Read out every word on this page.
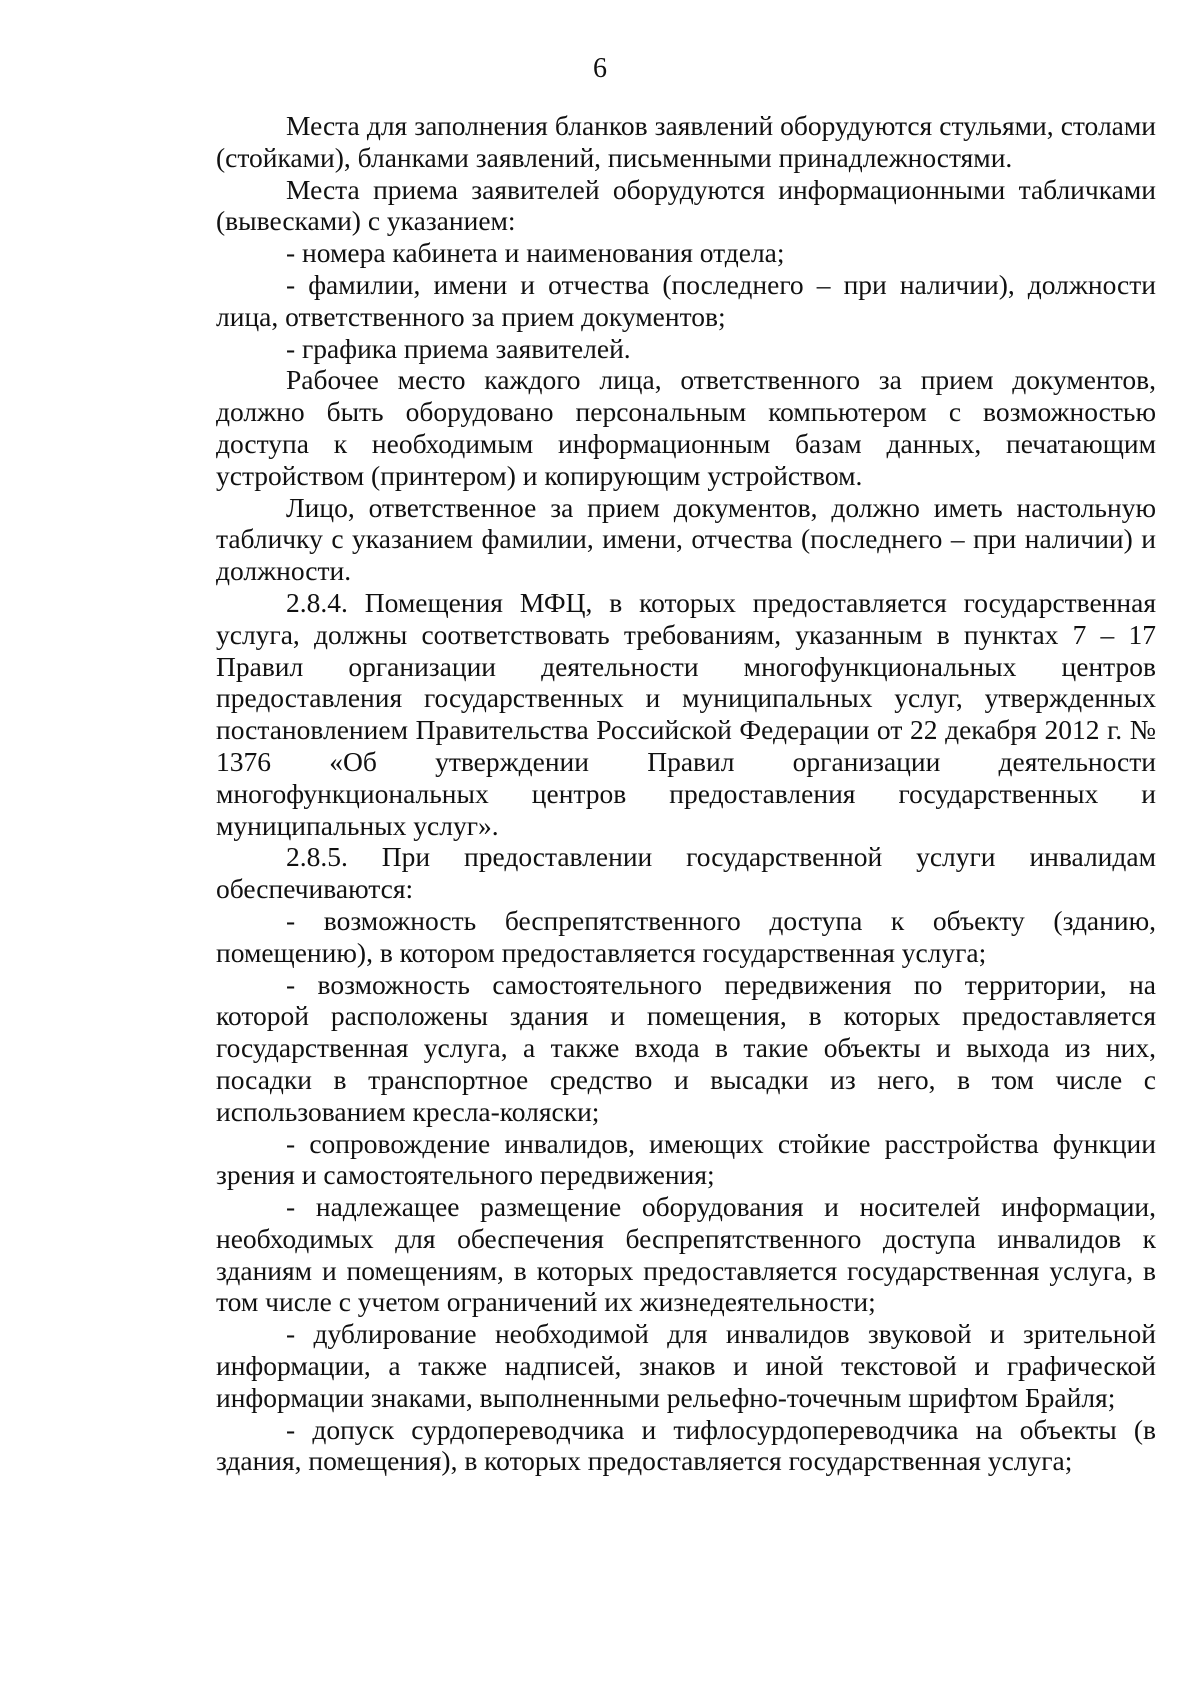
6

Места для заполнения бланков заявлений оборудуются стульями, столами (стойками), бланками заявлений, письменными принадлежностями.

Места приема заявителей оборудуются информационными табличками (вывесками) с указанием:

- номера кабинета и наименования отдела;

- фамилии, имени и отчества (последнего – при наличии), должности лица, ответственного за прием документов;

- графика приема заявителей.

Рабочее место каждого лица, ответственного за прием документов, должно быть оборудовано персональным компьютером с возможностью доступа к необходимым информационным базам данных, печатающим устройством (принтером) и копирующим устройством.

Лицо, ответственное за прием документов, должно иметь настольную табличку с указанием фамилии, имени, отчества (последнего – при наличии) и должности.

2.8.4. Помещения МФЦ, в которых предоставляется государственная услуга, должны соответствовать требованиям, указанным в пунктах 7 – 17 Правил организации деятельности многофункциональных центров предоставления государственных и муниципальных услуг, утвержденных постановлением Правительства Российской Федерации от 22 декабря 2012 г. № 1376 «Об утверждении Правил организации деятельности многофункциональных центров предоставления государственных и муниципальных услуг».

2.8.5. При предоставлении государственной услуги инвалидам обеспечиваются:

- возможность беспрепятственного доступа к объекту (зданию, помещению), в котором предоставляется государственная услуга;

- возможность самостоятельного передвижения по территории, на которой расположены здания и помещения, в которых предоставляется государственная услуга, а также входа в такие объекты и выхода из них, посадки в транспортное средство и высадки из него, в том числе с использованием кресла-коляски;

- сопровождение инвалидов, имеющих стойкие расстройства функции зрения и самостоятельного передвижения;

- надлежащее размещение оборудования и носителей информации, необходимых для обеспечения беспрепятственного доступа инвалидов к зданиям и помещениям, в которых предоставляется государственная услуга, в том числе с учетом ограничений их жизнедеятельности;

- дублирование необходимой для инвалидов звуковой и зрительной информации, а также надписей, знаков и иной текстовой и графической информации знаками, выполненными рельефно-точечным шрифтом Брайля;

- допуск сурдопереводчика и тифлосурдопереводчика на объекты (в здания, помещения), в которых предоставляется государственная услуга;
